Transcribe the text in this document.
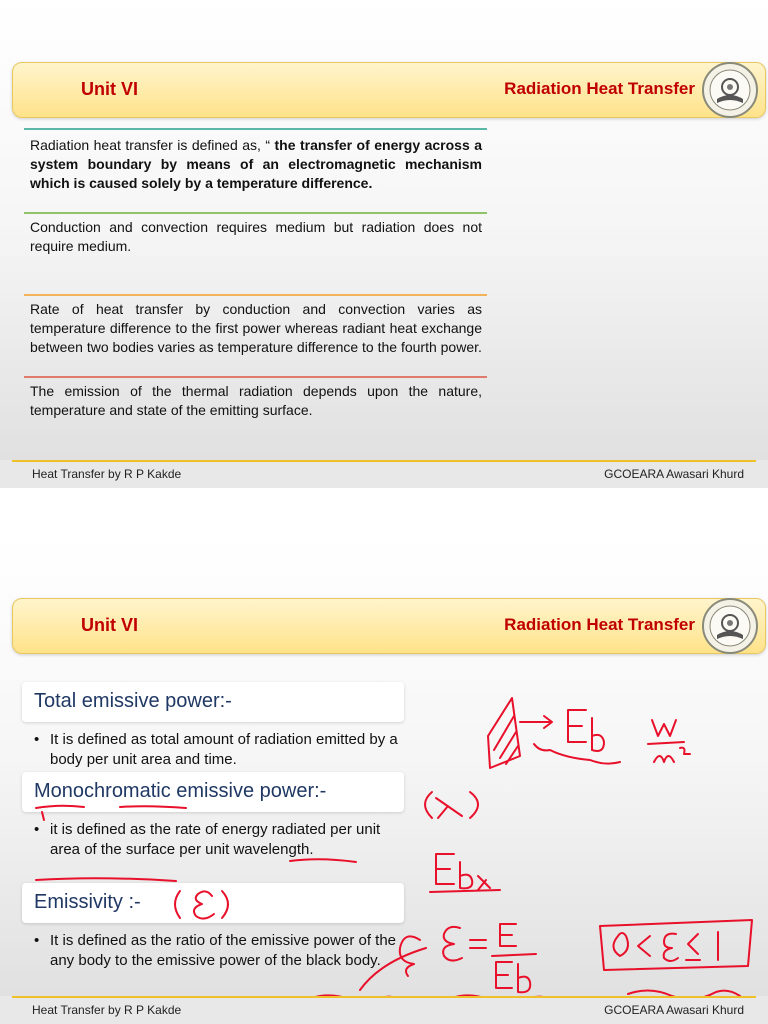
Unit VI	Radiation Heat Transfer
Radiation heat transfer is defined as, “ the transfer of energy across a system boundary by means of an electromagnetic mechanism which is caused solely by a temperature difference.
Conduction and convection requires medium but radiation does not require medium.
Rate of heat transfer by conduction and convection varies as temperature difference to the first power whereas radiant heat exchange between two bodies varies as temperature difference to the fourth power.
The emission of the thermal radiation depends upon the nature, temperature and state of the emitting surface.
Heat Transfer by R P Kakde	GCOEARA Awasari Khurd
Unit VI	Radiation Heat Transfer
Total emissive power:-
• It is defined as total amount of radiation emitted by a body per unit area and time.
Monochromatic emissive power:-
• it is defined as the rate of energy radiated per unit area of the surface per unit wavelength.
Emissivity :-
• It is defined as the ratio of the emissive power of the any body to the emissive power of the black body.
Heat Transfer by R P Kakde	GCOEARA Awasari Khurd
